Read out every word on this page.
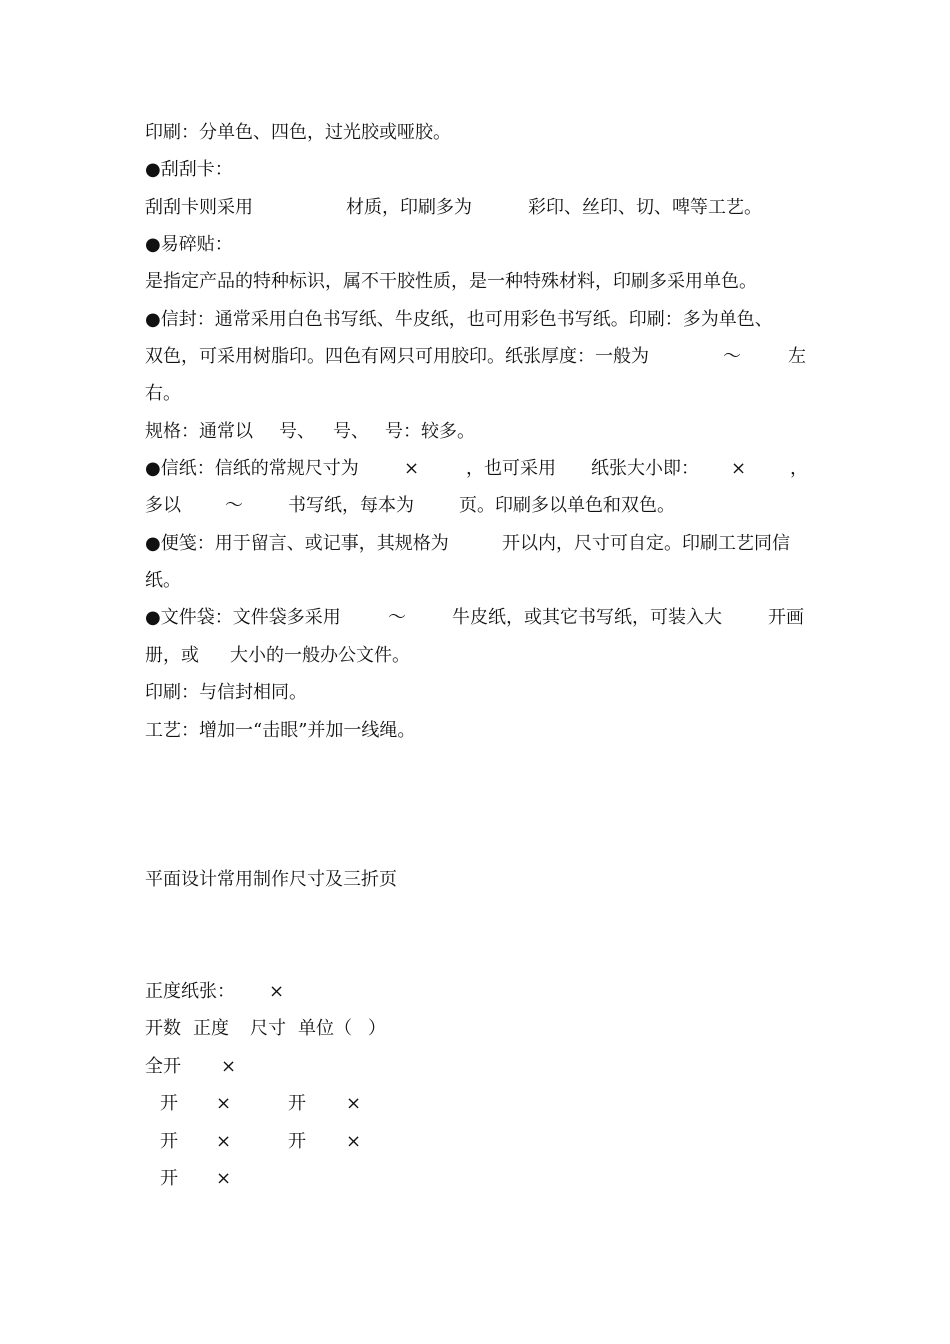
印刷：分单色、四色，过光胶或哑胶。
●刮刮卡：
刮刮卡则采用	材质，印刷多为	彩印、丝印、切、啤等工艺。
●易碎贴：
是指定产品的特种标识，属不干胶性质，是一种特殊材料，印刷多采用单色。
●信封：通常采用白色书写纸、牛皮纸，也可用彩色书写纸。印刷：多为单色、
双色，可采用树脂印。四色有网只可用胶印。纸张厚度：一般为	～	左
右。
规格：通常以 号、 号、 号：较多。
●信纸：信纸的常规尺寸为	×	，也可采用 纸张大小即： × ，
多以 ～	书写纸，每本为	页。印刷多以单色和双色。
●便笺：用于留言、或记事，其规格为	开以内，尺寸可自定。印刷工艺同信
纸。
●文件袋：文件袋多采用	～	牛皮纸，或其它书写纸，可装入大	开画
册，或 大小的一般办公文件。
印刷：与信封相同。
工艺：增加一“击眼”并加一线绳。
平面设计常用制作尺寸及三折页
正度纸张： ×
开数 正度 尺寸 单位（ ）
全开 ×
开 ×	开 ×
开 ×	开 ×
开 ×
